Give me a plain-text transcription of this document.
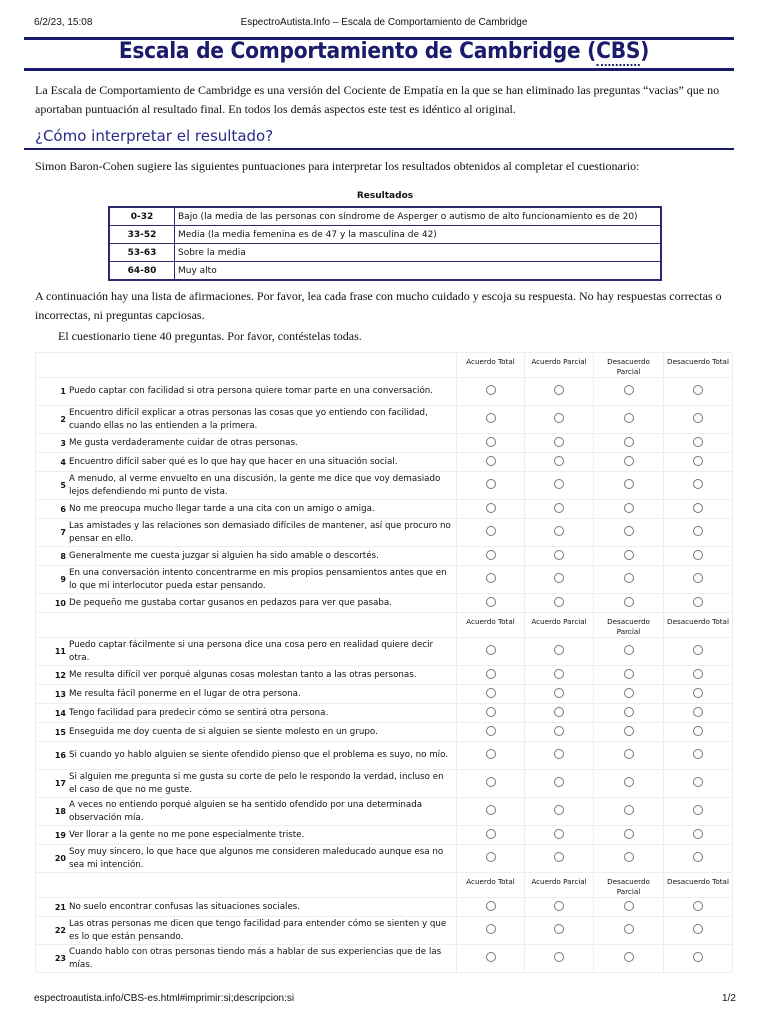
6/2/23, 15:08	EspectroAutista.Info – Escala de Comportamiento de Cambridge
Escala de Comportamiento de Cambridge (CBS)
La Escala de Comportamiento de Cambridge es una versión del Cociente de Empatía en la que se han eliminado las preguntas “vacias” que no aportaban puntuación al resultado final. En todos los demás aspectos este test es idéntico al original.
¿Cómo interpretar el resultado?
Simon Baron-Cohen sugiere las siguientes puntuaciones para interpretar los resultados obtenidos al completar el cuestionario:
Resultados
0-32	Bajo (la media de las personas con síndrome de Asperger o autismo de alto funcionamiento es de 20)
33-52	Media (la media femenina es de 47 y la masculina de 42)
53-63	Sobre la media
64-80	Muy alto
A continuación hay una lista de afirmaciones. Por favor, lea cada frase con mucho cuidado y escoja su respuesta. No hay respuestas correctas o incorrectas, ni preguntas capciosas.
El cuestionario tiene 40 preguntas. Por favor, contéstelas todas.
	Acuerdo Total	Acuerdo Parcial	Desacuerdo Parcial	Desacuerdo Total
1 Puedo captar con facilidad si otra persona quiere tomar parte en una conversación.				
2Encuentro difícil explicar a otras personas las cosas que yo entiendo con facilidad, cuando ellas no las entienden a la primera.				
3 Me gusta verdaderamente cuidar de otras personas.				
4 Encuentro difícil saber qué es lo que hay que hacer en una situación social.				
5A menudo, al verme envuelto en una discusión, la gente me dice que voy demasiado lejos defendiendo mi punto de vista.				
6 No me preocupa mucho llegar tarde a una cita con un amigo o amiga.				
7Las amistades y las relaciones son demasiado difíciles de mantener, así que procuro no pensar en ello.				
8 Generalmente me cuesta juzgar si alguien ha sido amable o descortés.				
9En una conversación intento concentrarme en mis propios pensamientos antes que en lo que mi interlocutor pueda estar pensando.				
10 De pequeño me gustaba cortar gusanos en pedazos para ver que pasaba.				
	Acuerdo Total	Acuerdo Parcial	Desacuerdo Parcial	Desacuerdo Total
11Puedo captar fácilmente si una persona dice una cosa pero en realidad quiere decir otra.				
12 Me resulta difícil ver porqué algunas cosas molestan tanto a las otras personas.				
13 Me resulta fácil ponerme en el lugar de otra persona.				
14 Tengo facilidad para predecir cómo se sentirá otra persona.				
15 Enseguida me doy cuenta de si alguien se siente molesto en un grupo.				
16 Si cuando yo hablo alguien se siente ofendido pienso que el problema es suyo, no mío.				
17Si alguien me pregunta si me gusta su corte de pelo le respondo la verdad, incluso en el caso de que no me guste.				
18A veces no entiendo porqué alguien se ha sentido ofendido por una determinada observación mía.				
19 Ver llorar a la gente no me pone especialmente triste.				
20Soy muy sincero, lo que hace que algunos me consideren maleducado aunque esa no sea mi intención.				
	Acuerdo Total	Acuerdo Parcial	Desacuerdo Parcial	Desacuerdo Total
21 No suelo encontrar confusas las situaciones sociales.				
22Las otras personas me dicen que tengo facilidad para entender cómo se sienten y que es lo que están pensando.				
23Cuando hablo con otras personas tiendo más a hablar de sus experiencias que de las mías.				
espectroautista.info/CBS-es.html#imprimir:si;descripcion:si	1/2
